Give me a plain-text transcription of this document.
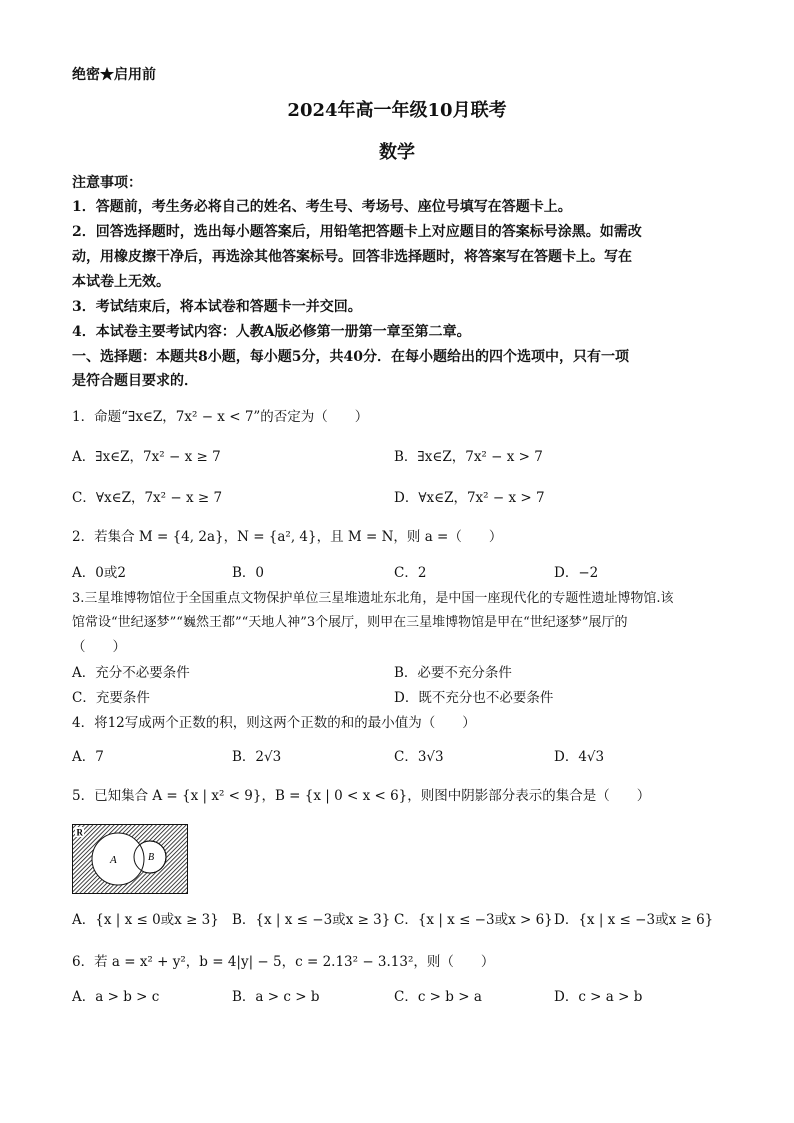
绝密★启用前
2024年高一年级10月联考
数学
注意事项：
1．答题前，考生务必将自己的姓名、考生号、考场号、座位号填写在答题卡上。
2．回答选择题时，选出每小题答案后，用铅笔把答题卡上对应题目的答案标号涂黑。如需改
动，用橡皮擦干净后，再选涂其他答案标号。回答非选择题时，将答案写在答题卡上。写在
本试卷上无效。
3．考试结束后，将本试卷和答题卡一并交回。
4．本试卷主要考试内容：人教A版必修第一册第一章至第二章。
一、选择题：本题共8小题，每小题5分，共40分．在每小题给出的四个选项中，只有一项
是符合题目要求的．
1．命题“∃x∈Z，7x² − x < 7”的否定为（　　）
A．∃x∈Z，7x² − x ≥ 7	B．∃x∈Z，7x² − x > 7
C．∀x∈Z，7x² − x ≥ 7	D．∀x∈Z，7x² − x > 7
2．若集合 M = {4, 2a}，N = {a², 4}，且 M = N，则 a =（　　）
A．0或2	B．0	C．2	D．−2
3.三星堆博物馆位于全国重点文物保护单位三星堆遗址东北角，是中国一座现代化的专题性遗址博物馆.该
馆常设“世纪逐梦”“巍然王都”“天地人神”3个展厅，则甲在三星堆博物馆是甲在“世纪逐梦”展厅的
（　　）
A．充分不必要条件	B．必要不充分条件
C．充要条件	D．既不充分也不必要条件
4．将12写成两个正数的积，则这两个正数的和的最小值为（　　）
A．7	B．2√3	C．3√3	D．4√3
5．已知集合 A = {x | x² < 9}，B = {x | 0 < x < 6}，则图中阴影部分表示的集合是（　　）
R
A	B
A．{x | x ≤ 0或x ≥ 3} B．{x | x ≤ −3或x ≥ 3} C．{x | x ≤ −3或x > 6} D．{x | x ≤ −3或x ≥ 6}
6．若 a = x² + y²，b = 4|y| − 5，c = 2.13² − 3.13²，则（　　）
A．a > b > c	B．a > c > b	C．c > b > a	D．c > a > b
